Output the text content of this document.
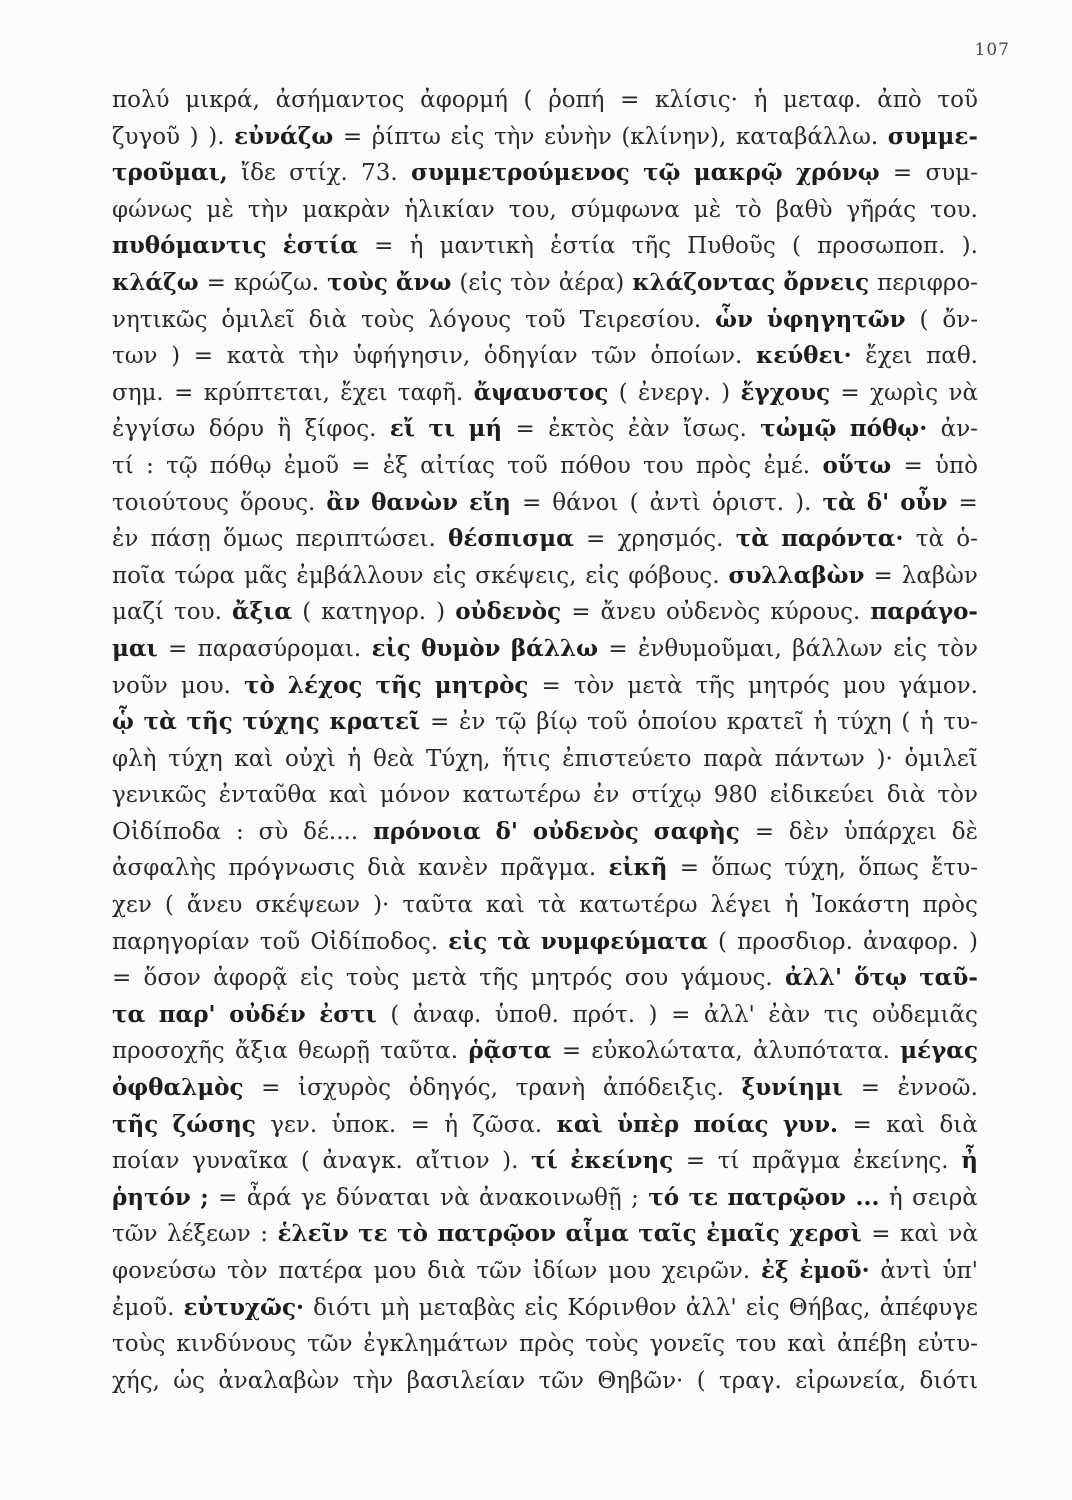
107
πολύ μικρά, ἀσήμαντος ἀφορμή ( ῥοπή = κλίσις· ἡ μεταφ. ἀπὸ τοῦ
ζυγοῦ ) ). εὐνάζω = ῥίπτω εἰς τὴν εὐνὴν (κλίνην), καταβάλλω. συμμε-
τροῦμαι, ἴδε στίχ. 73. συμμετρούμενος τῷ μακρῷ χρόνῳ = συμ-
φώνως μὲ τὴν μακρὰν ἡλικίαν του, σύμφωνα μὲ τὸ βαθὺ γῆράς του.
πυθόμαντις ἑστία = ἡ μαντικὴ ἑστία τῆς Πυθοῦς ( προσωποπ. ).
κλάζω = κρώζω. τοὺς ἄνω (εἰς τὸν ἀέρα) κλάζοντας ὄρνεις περιφρο-
νητικῶς ὁμιλεῖ διὰ τοὺς λόγους τοῦ Τειρεσίου. ὧν ὑφηγητῶν ( ὄν-
των ) = κατὰ τὴν ὑφήγησιν, ὁδηγίαν τῶν ὁποίων. κεύθει· ἔχει παθ.
σημ. = κρύπτεται, ἔχει ταφῆ. ἄψαυστος ( ἐνεργ. ) ἔγχους = χωρὶς νὰ
ἐγγίσω δόρυ ἢ ξίφος. εἴ τι μή = ἐκτὸς ἐὰν ἴσως. τὠμῷ πόθῳ· ἀν-
τί : τῷ πόθῳ ἐμοῦ = ἐξ αἰτίας τοῦ πόθου του πρὸς ἐμέ. οὕτω = ὑπὸ
τοιούτους ὅρους. ἂν θανὼν εἴη = θάνοι ( ἀντὶ ὁριστ. ). τὰ δ' οὖν =
ἐν πάσῃ ὅμως περιπτώσει. θέσπισμα = χρησμός. τὰ παρόντα· τὰ ὁ-
ποῖα τώρα μᾶς ἐμβάλλουν εἰς σκέψεις, εἰς φόβους. συλλαβὼν = λαβὼν
μαζί του. ἄξια ( κατηγορ. ) οὐδενὸς = ἄνευ οὐδενὸς κύρους. παράγο-
μαι = παρασύρομαι. εἰς θυμὸν βάλλω = ἐνθυμοῦμαι, βάλλων εἰς τὸν
νοῦν μου. τὸ λέχος τῆς μητρὸς = τὸν μετὰ τῆς μητρός μου γάμον.
ᾧ τὰ τῆς τύχης κρατεῖ = ἐν τῷ βίῳ τοῦ ὁποίου κρατεῖ ἡ τύχη ( ἡ τυ-
φλὴ τύχη καὶ οὐχὶ ἡ θεὰ Τύχη, ἥτις ἐπιστεύετο παρὰ πάντων )· ὁμιλεῖ
γενικῶς ἐνταῦθα καὶ μόνον κατωτέρω ἐν στίχῳ 980 εἰδικεύει διὰ τὸν
Οἰδίποδα : σὺ δέ.... πρόνοια δ' οὐδενὸς σαφὴς = δὲν ὑπάρχει δὲ
ἀσφαλὴς πρόγνωσις διὰ κανὲν πρᾶγμα. εἰκῆ = ὅπως τύχη, ὅπως ἔτυ-
χεν ( ἄνευ σκέψεων )· ταῦτα καὶ τὰ κατωτέρω λέγει ἡ Ἰοκάστη πρὸς
παρηγορίαν τοῦ Οἰδίποδος. εἰς τὰ νυμφεύματα ( προσδιορ. ἀναφορ. )
= ὅσον ἀφορᾷ εἰς τοὺς μετὰ τῆς μητρός σου γάμους. ἀλλ' ὅτῳ ταῦ-
τα παρ' οὐδέν ἐστι ( ἀναφ. ὑποθ. πρότ. ) = ἀλλ' ἐὰν τις οὐδεμιᾶς
προσοχῆς ἄξια θεωρῇ ταῦτα. ῥᾷστα = εὐκολώτατα, ἀλυπότατα. μέγας
ὀφθαλμὸς = ἰσχυρὸς ὁδηγός, τρανὴ ἀπόδειξις. ξυνίημι = ἐννοῶ.
τῆς ζώσης γεν. ὑποκ. = ἡ ζῶσα. καὶ ὑπὲρ ποίας γυν. = καὶ διὰ
ποίαν γυναῖκα ( ἀναγκ. αἴτιον ). τί ἐκείνης = τί πρᾶγμα ἐκείνης. ἦ
ῥητόν ; = ἆρά γε δύναται νὰ ἀνακοινωθῇ ; τό τε πατρῷον ... ἡ σειρὰ
τῶν λέξεων : ἑλεῖν τε τὸ πατρῷον αἷμα ταῖς ἐμαῖς χερσὶ = καὶ νὰ
φονεύσω τὸν πατέρα μου διὰ τῶν ἰδίων μου χειρῶν. ἐξ ἐμοῦ· ἀντὶ ὑπ'
ἐμοῦ. εὐτυχῶς· διότι μὴ μεταβὰς εἰς Κόρινθον ἀλλ' εἰς Θήβας, ἀπέφυγε
τοὺς κινδύνους τῶν ἐγκλημάτων πρὸς τοὺς γονεῖς του καὶ ἀπέβη εὐτυ-
χής, ὡς ἀναλαβὼν τὴν βασιλείαν τῶν Θηβῶν· ( τραγ. εἰρωνεία, διότι
